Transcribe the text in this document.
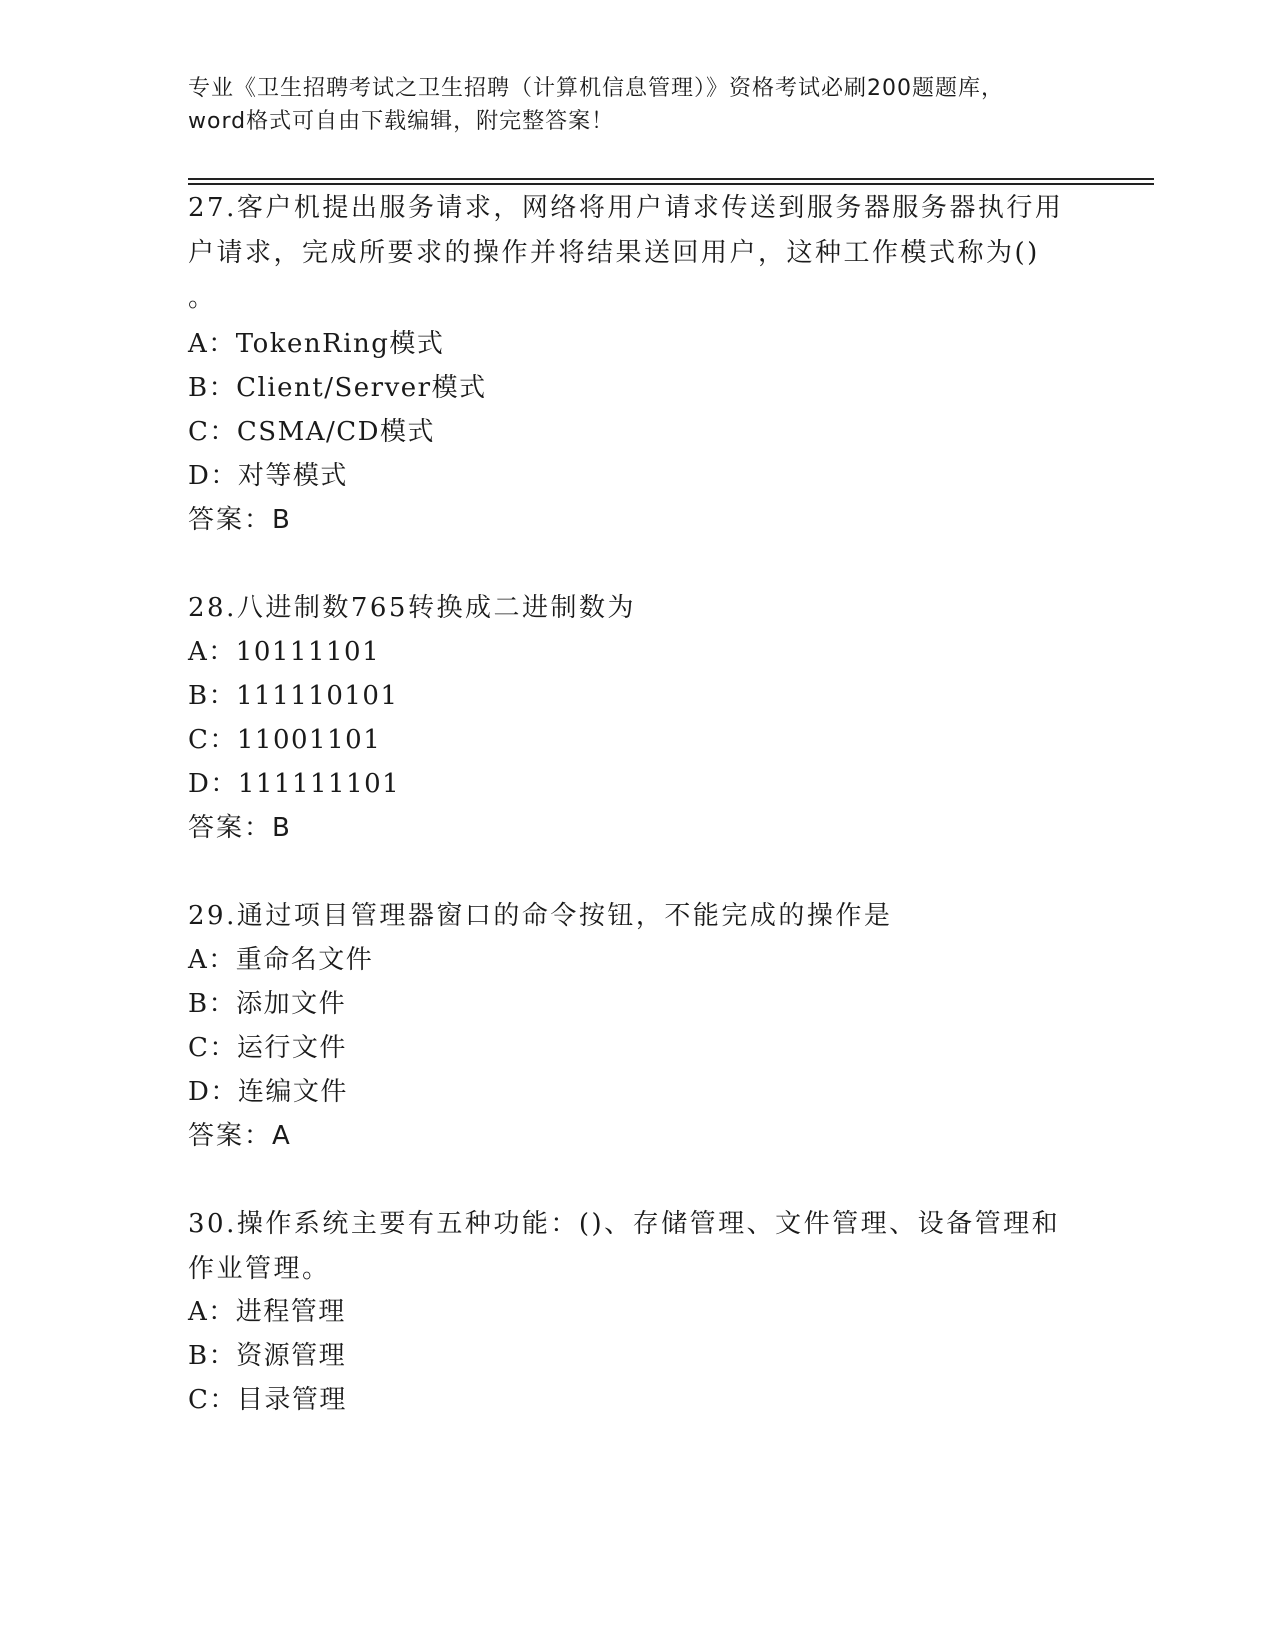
专业《卫生招聘考试之卫生招聘（计算机信息管理）》资格考试必刷200题题库，
word格式可自由下载编辑，附完整答案！
27.客户机提出服务请求，网络将用户请求传送到服务器服务器执行用
户请求，完成所要求的操作并将结果送回用户，这种工作模式称为()
。
A：TokenRing模式
B：Client/Server模式
C：CSMA/CD模式
D：对等模式
答案：B
28.八进制数765转换成二进制数为
A：10111101
B：111110101
C：11001101
D：111111101
答案：B
29.通过项目管理器窗口的命令按钮，不能完成的操作是
A：重命名文件
B：添加文件
C：运行文件
D：连编文件
答案：A
30.操作系统主要有五种功能：()、存储管理、文件管理、设备管理和
作业管理。
A：进程管理
B：资源管理
C：目录管理
